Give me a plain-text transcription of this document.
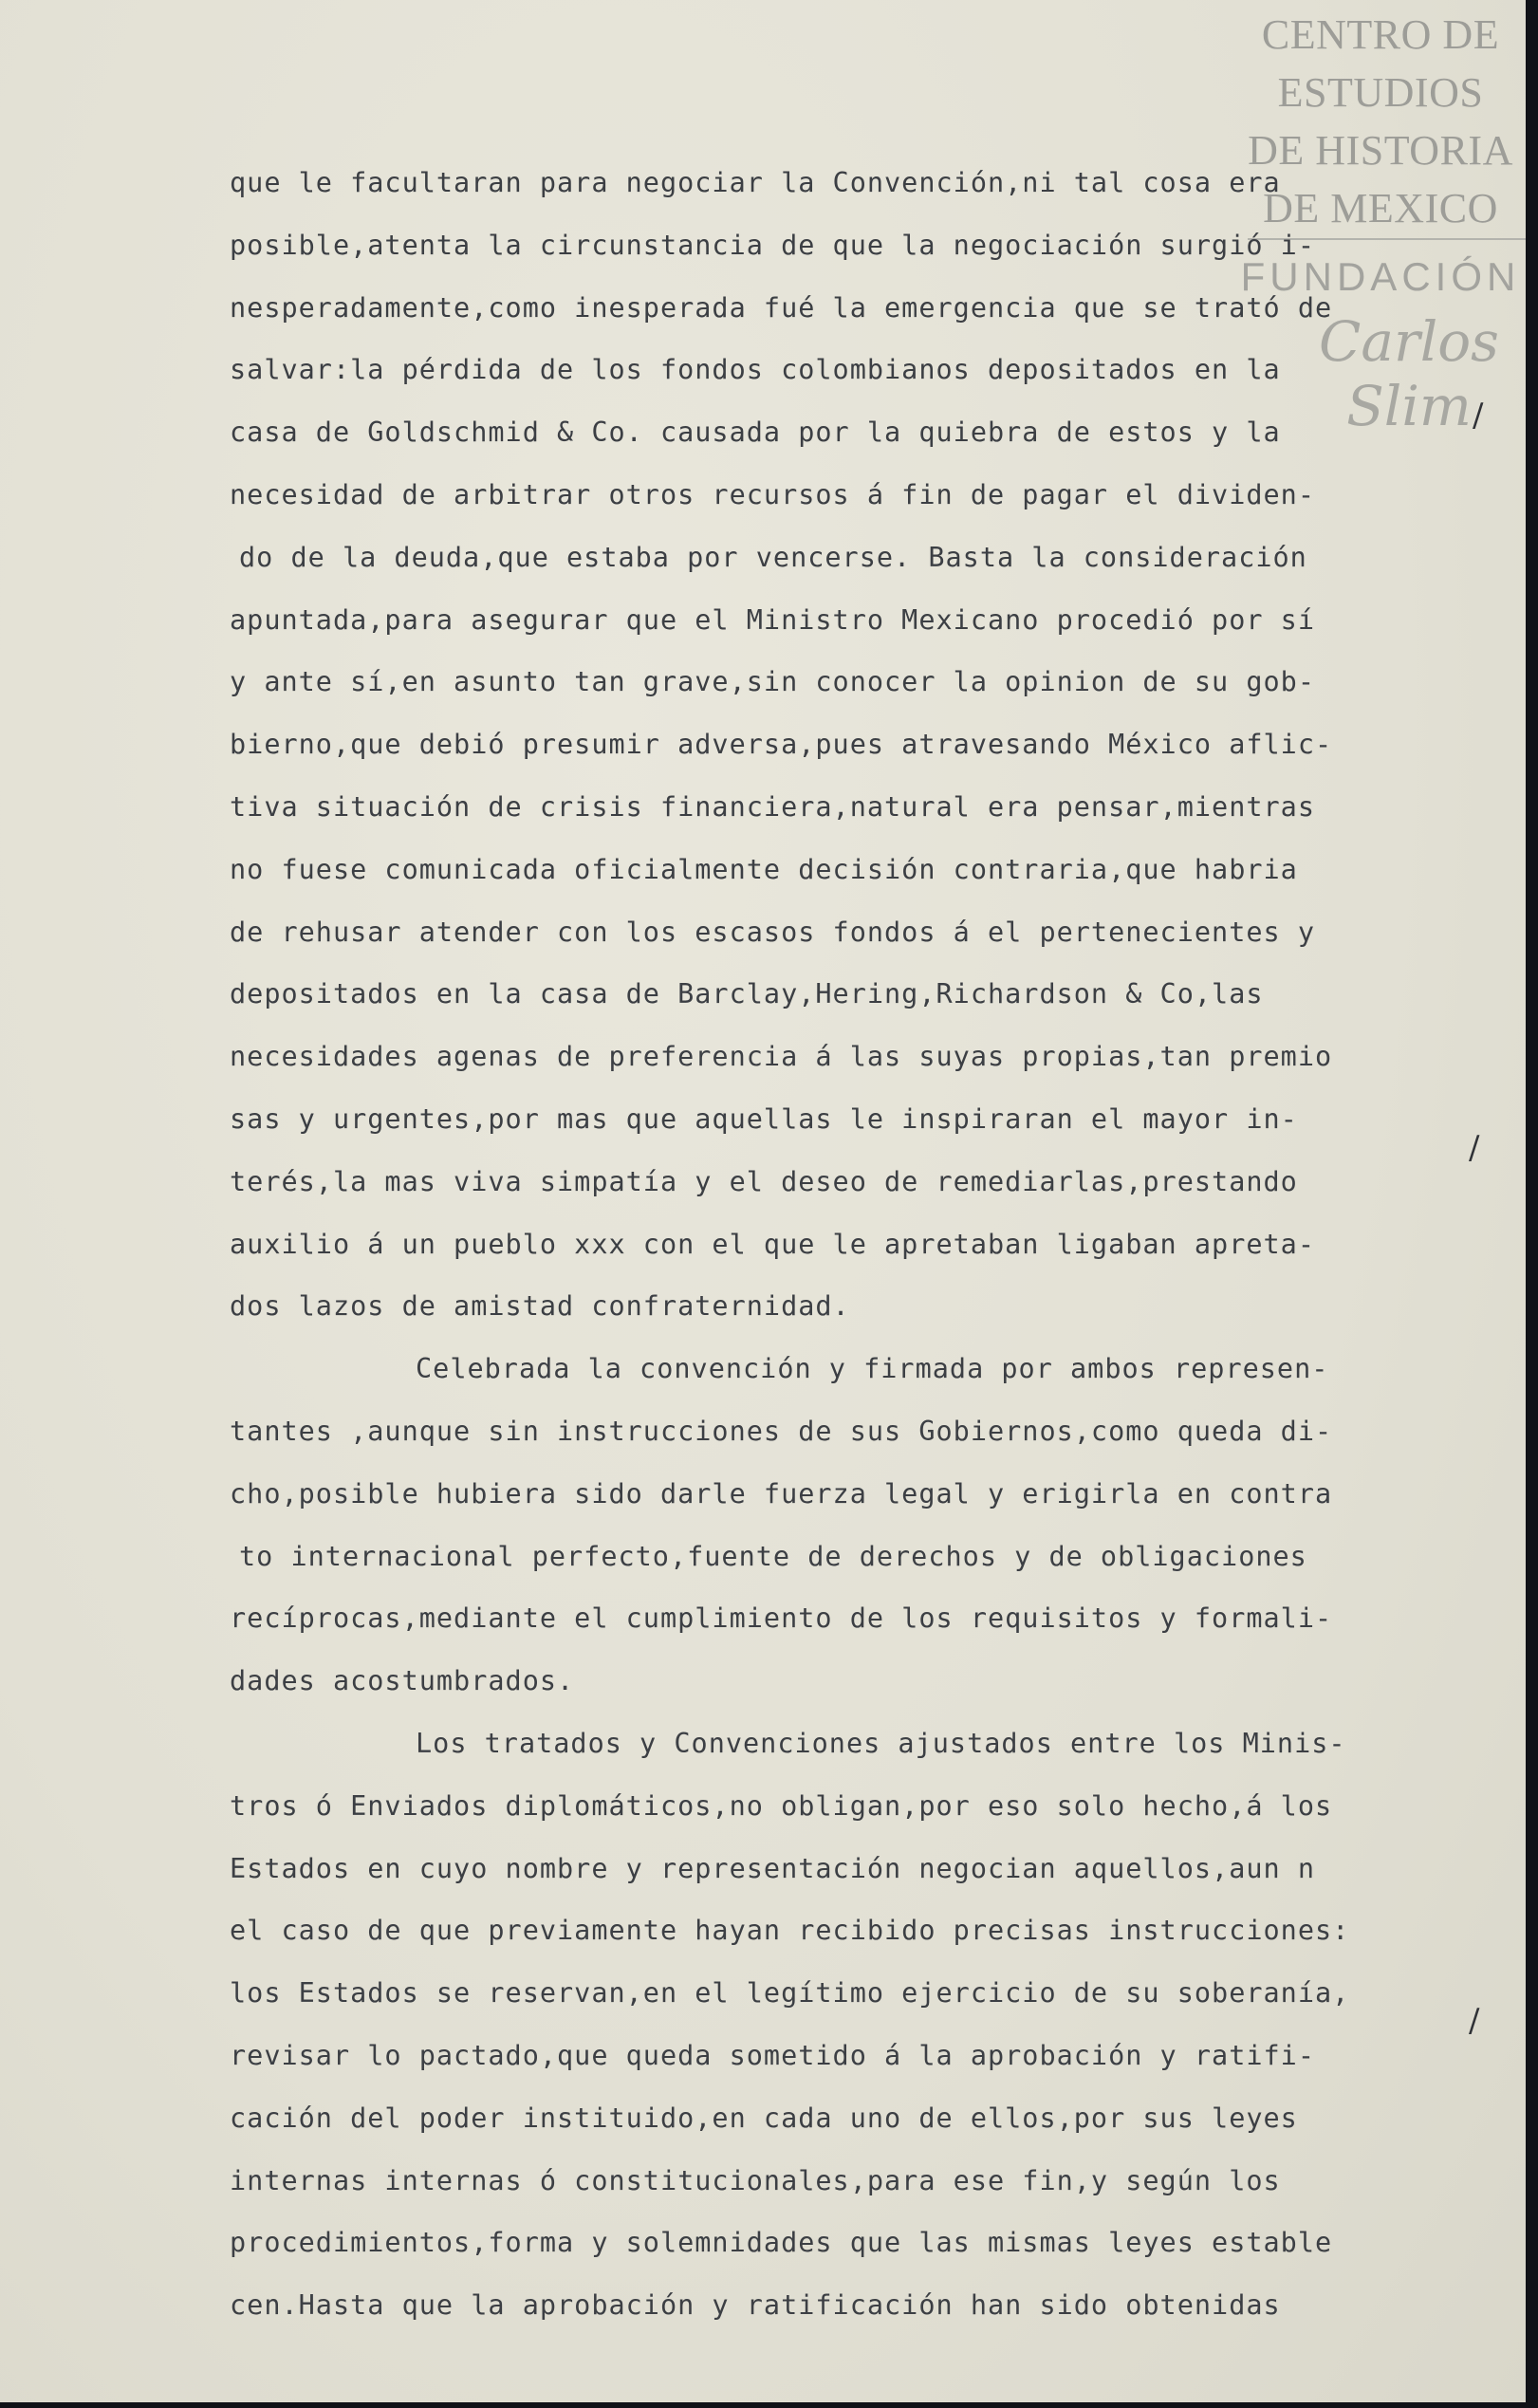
CENTRO DE
ESTUDIOS
DE HISTORIA
DE MEXICO
FUNDACIÓN
Carlos Slim
que le facultaran para negociar la Convención,ni tal cosa era
posible,atenta la circunstancia de que la negociación surgió i-
nesperadamente,como inesperada fué la emergencia que se trató de
salvar:la pérdida de los fondos colombianos depositados en la
casa de Goldschmid & Co. causada por la quiebra de estos y la
necesidad de arbitrar otros recursos á fin de pagar el dividen-
do de la deuda,que estaba por vencerse. Basta la consideración
apuntada,para asegurar que el Ministro Mexicano procedió por sí
y ante sí,en asunto tan grave,sin conocer la opinion de su gob-
bierno,que debió presumir adversa,pues atravesando México aflic-
tiva situación de crisis financiera,natural era pensar,mientras
no fuese comunicada oficialmente decisión contraria,que habria
de rehusar atender con los escasos fondos á el pertenecientes y
depositados en la casa de Barclay,Hering,Richardson & Co,las
necesidades agenas de preferencia á las suyas propias,tan premio
sas y urgentes,por mas que aquellas le inspiraran el mayor in-
terés,la mas viva simpatía y el deseo de remediarlas,prestando
auxilio á un pueblo xxx con el que le apretaban ligaban apreta-
dos lazos de amistad confraternidad.
Celebrada la convención y firmada por ambos represen-
tantes ,aunque sin instrucciones de sus Gobiernos,como queda di-
cho,posible hubiera sido darle fuerza legal y erigirla en contra
to internacional perfecto,fuente de derechos y de obligaciones
recíprocas,mediante el cumplimiento de los requisitos y formali-
dades acostumbrados.
Los tratados y Convenciones ajustados entre los Minis-
tros ó Enviados diplomáticos,no obligan,por eso solo hecho,á los
Estados en cuyo nombre y representación negocian aquellos,aun n
el caso de que previamente hayan recibido precisas instrucciones:
los Estados se reservan,en el legítimo ejercicio de su soberanía,
revisar lo pactado,que queda sometido á la aprobación y ratifi-
cación del poder instituido,en cada uno de ellos,por sus leyes
internas internas ó constitucionales,para ese fin,y según los
procedimientos,forma y solemnidades que las mismas leyes estable
cen.Hasta que la aprobación y ratificación han sido obtenidas
/
/
/
